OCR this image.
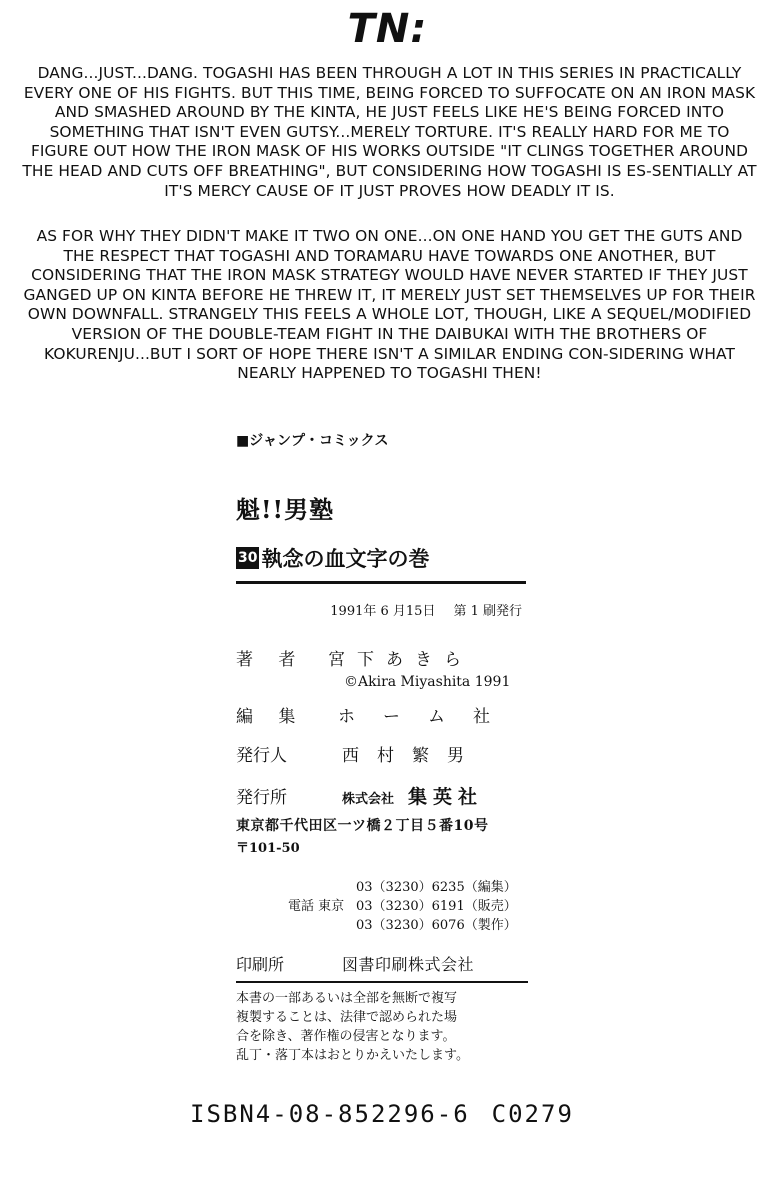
TN:
DANG...JUST...DANG. TOGASHI HAS BEEN THROUGH A LOT IN THIS SERIES IN PRACTICALLY EVERY ONE OF HIS FIGHTS. BUT THIS TIME, BEING FORCED TO SUFFOCATE ON AN IRON MASK AND SMASHED AROUND BY THE KINTA, HE JUST FEELS LIKE HE'S BEING FORCED INTO SOMETHING THAT ISN'T EVEN GUTSY...MERELY TORTURE. IT'S REALLY HARD FOR ME TO FIGURE OUT HOW THE IRON MASK OF HIS WORKS OUTSIDE "IT CLINGS TOGETHER AROUND THE HEAD AND CUTS OFF BREATHING", BUT CONSIDERING HOW TOGASHI IS ES-SENTIALLY AT IT'S MERCY CAUSE OF IT JUST PROVES HOW DEADLY IT IS.
AS FOR WHY THEY DIDN'T MAKE IT TWO ON ONE...ON ONE HAND YOU GET THE GUTS AND THE RESPECT THAT TOGASHI AND TORAMARU HAVE TOWARDS ONE ANOTHER, BUT CONSIDERING THAT THE IRON MASK STRATEGY WOULD HAVE NEVER STARTED IF THEY JUST GANGED UP ON KINTA BEFORE HE THREW IT, IT MERELY JUST SET THEMSELVES UP FOR THEIR OWN DOWNFALL. STRANGELY THIS FEELS A WHOLE LOT, THOUGH, LIKE A SEQUEL/MODIFIED VERSION OF THE DOUBLE-TEAM FIGHT IN THE DAIBUKAI WITH THE BROTHERS OF KOKURENJU...BUT I SORT OF HOPE THERE ISN'T A SIMILAR ENDING CON-SIDERING WHAT NEARLY HAPPENED TO TOGASHI THEN!
■ジャンプ・コミックス
魁!!男塾
30 執念の血文字の巻
1991年 6 月15日 第 1 刷発行
著 者	宮下あきら
©Akira Miyashita 1991
編 集	ホーム社
発行人	西村繁男
発行所	株式会社 集英社
東京都千代田区一ツ橋２丁目５番10号
〒101-50
電話 東京
03（3230）6235（編集）
03（3230）6191（販売）
03（3230）6076（製作）
印刷所	図書印刷株式会社
本書の一部あるいは全部を無断で複写
複製することは、法律で認められた場
合を除き、著作権の侵害となります。
乱丁・落丁本はおとりかえいたします。
ISBN4-08-852296-6 C0279
